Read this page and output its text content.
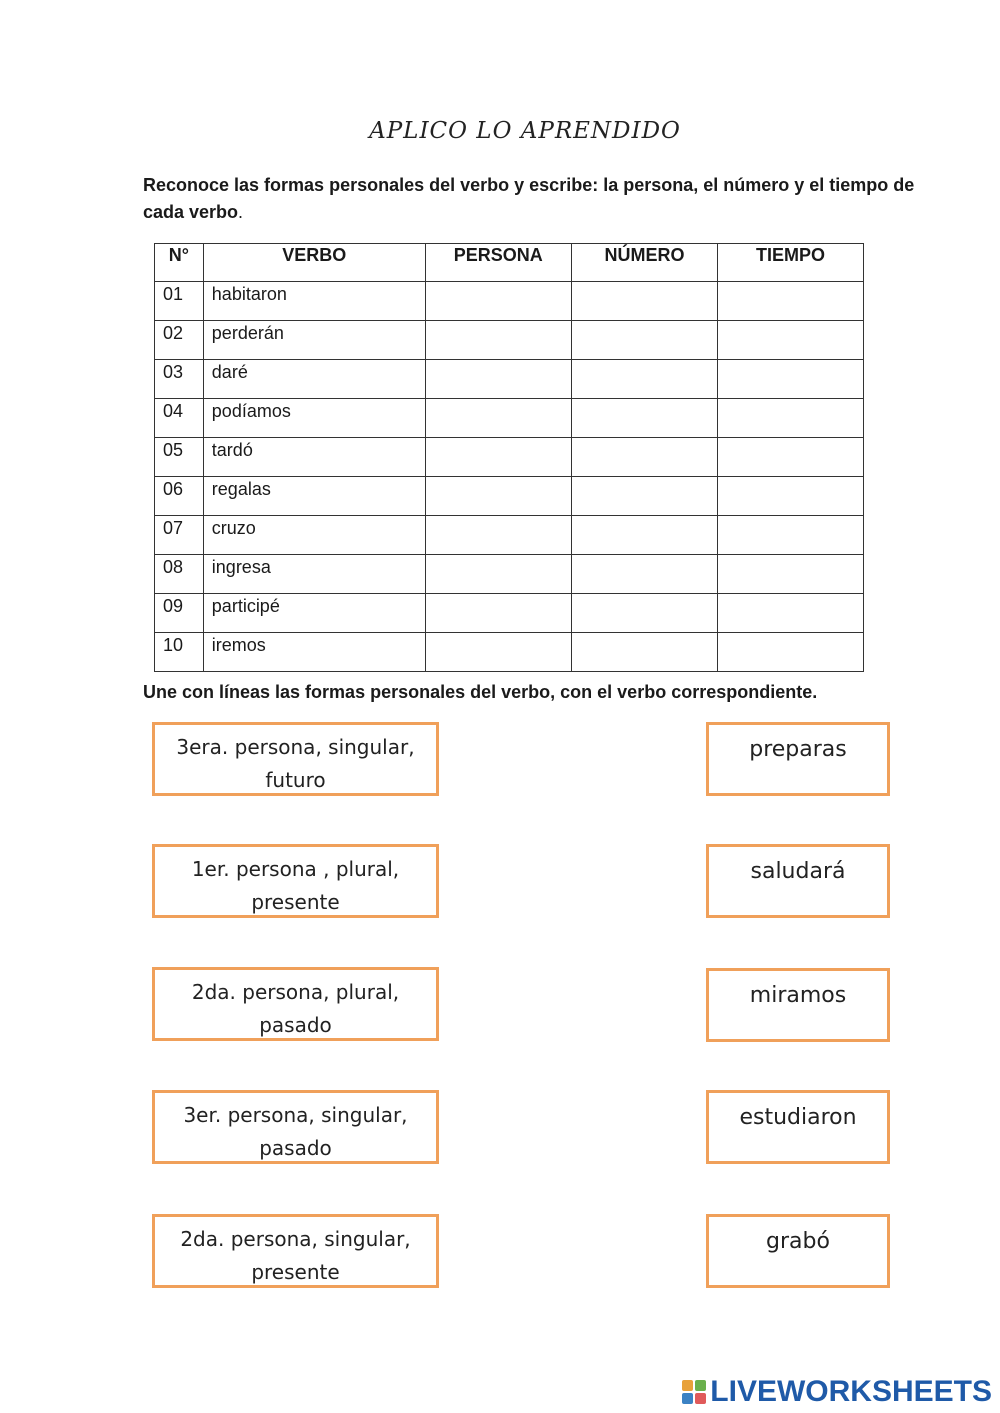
APLICO LO APRENDIDO
Reconoce las formas personales del verbo y escribe: la persona, el número y el tiempo de cada verbo.
N°	VERBO	PERSONA	NÚMERO	TIEMPO
01	habitaron			
02	perderán			
03	daré			
04	podíamos			
05	tardó			
06	regalas			
07	cruzo			
08	ingresa			
09	participé			
10	iremos			
Une con líneas las formas personales del verbo, con el verbo correspondiente.
3era. persona, singular,
futuro
1er. persona , plural,
presente
2da. persona, plural,
pasado
3er. persona, singular,
pasado
2da. persona, singular,
presente
preparas
saludará
miramos
estudiaron
grabó
LIVEWORKSHEETS
